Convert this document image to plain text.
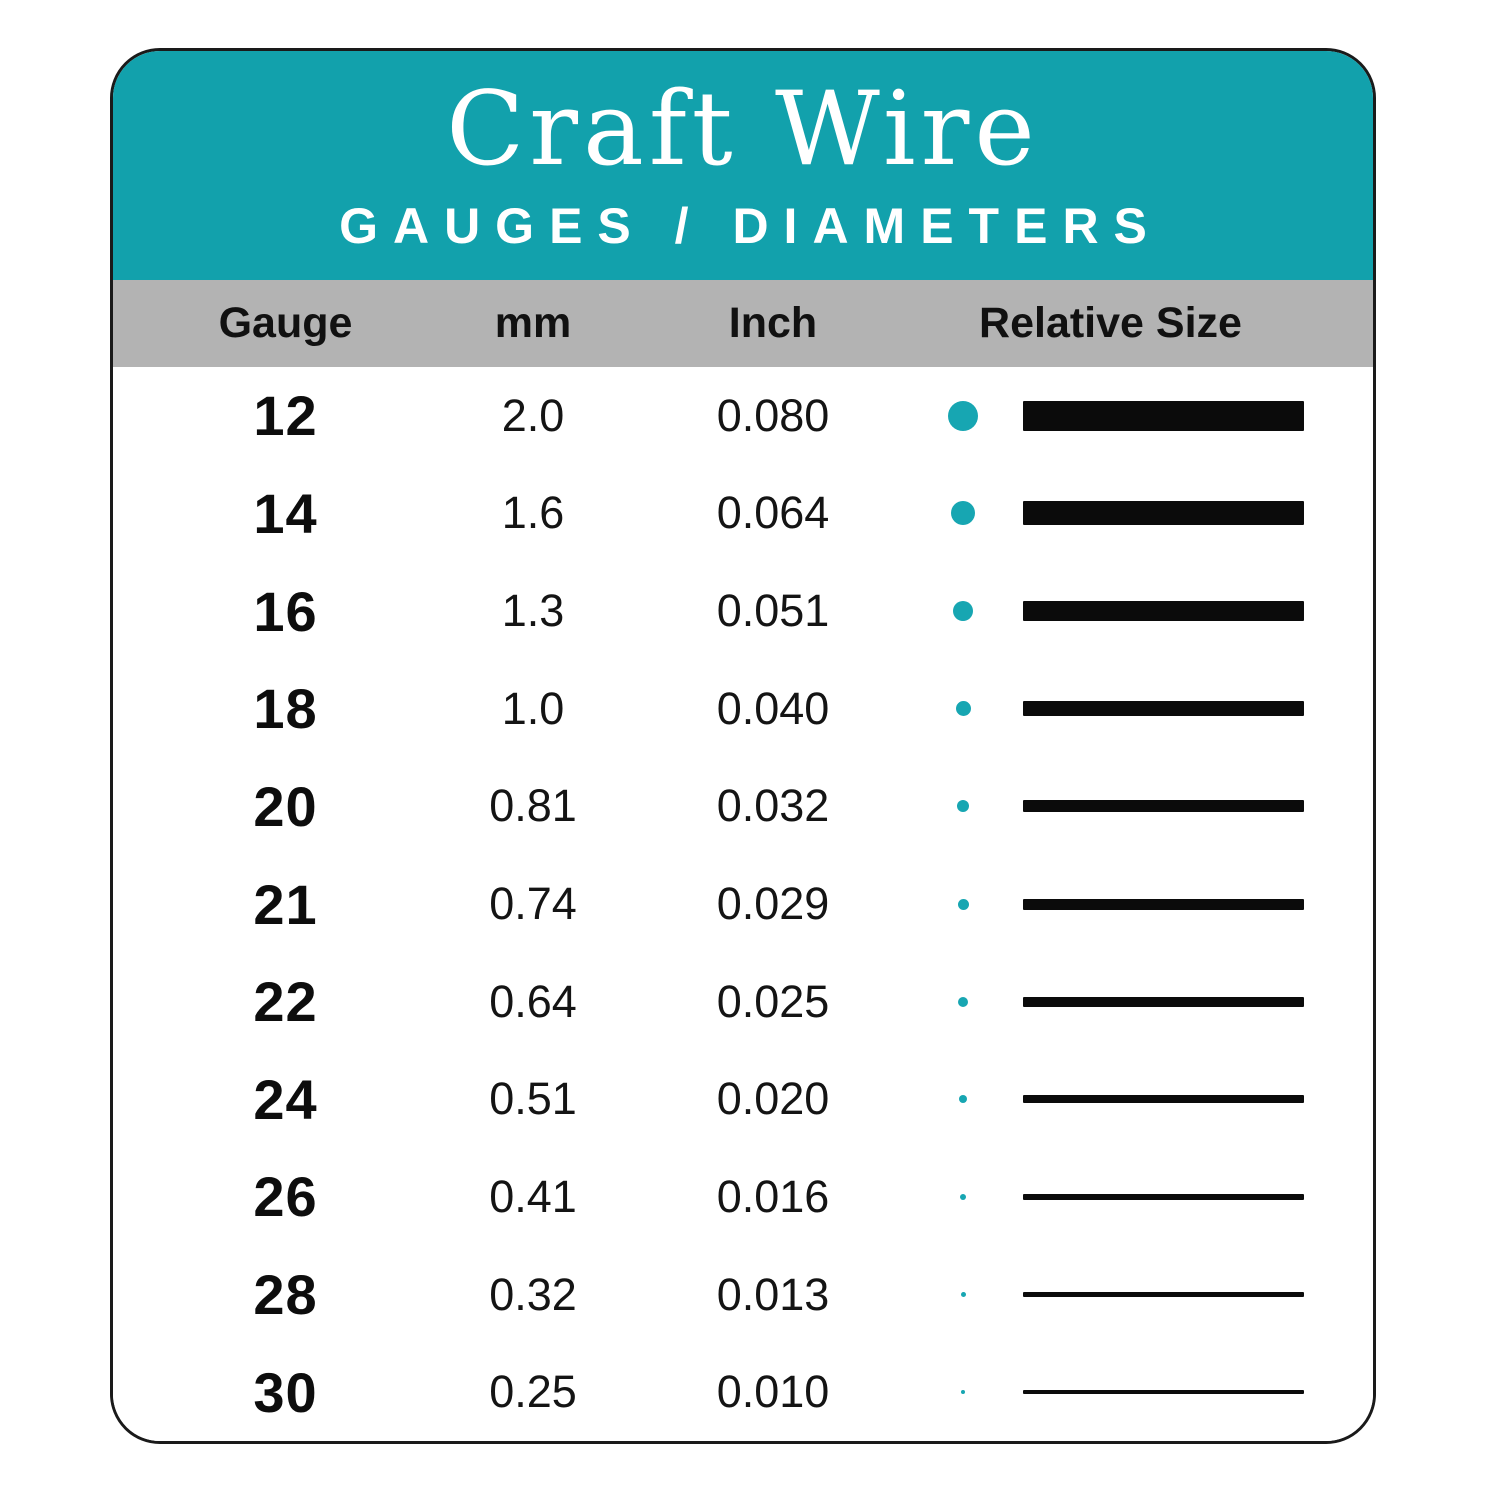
Craft Wire
GAUGES / DIAMETERS
Gauge	mm	Inch	Relative Size
12	2.0	0.080
14	1.6	0.064
16	1.3	0.051
18	1.0	0.040
20	0.81	0.032
21	0.74	0.029
22	0.64	0.025
24	0.51	0.020
26	0.41	0.016
28	0.32	0.013
30	0.25	0.010
